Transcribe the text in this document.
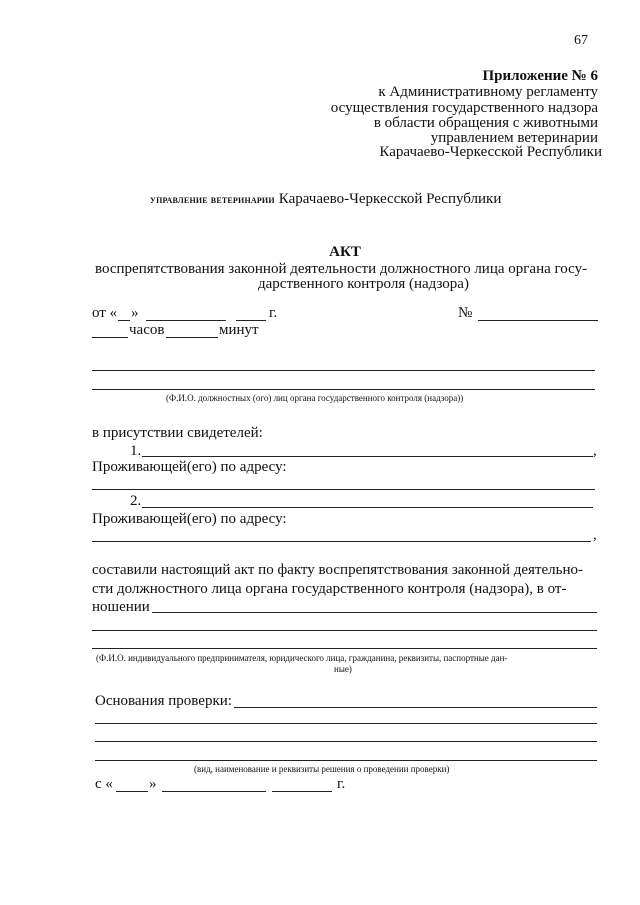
67
Приложение № 6
к Административному регламенту
осуществления государственного надзора
в области обращения с животными
управлением ветеринарии
Карачаево-Черкесской Республики
управление ветеринарии Карачаево-Черкесской Республики
АКТ
воспрепятствования законной деятельности должностного лица органа госу-
дарственного контроля (надзора)
от « »	г.	№
часов	минут
(Ф.И.О. должностных (ого) лиц органа государственного контроля (надзора))
в присутствии свидетелей:
1.	,
Проживающей(его) по адресу:
2.
Проживающей(его) по адресу:
,
составили настоящий акт по факту воспрепятствования законной деятельно-
сти должностного лица органа государственного контроля (надзора), в от-
ношении
(Ф.И.О. индивидуального предпринимателя, юридического лица, гражданина, реквизиты, паспортные дан-
ные)
Основания проверки:
(вид, наименование и реквизиты решения о проведении проверки)
с « »	г.
